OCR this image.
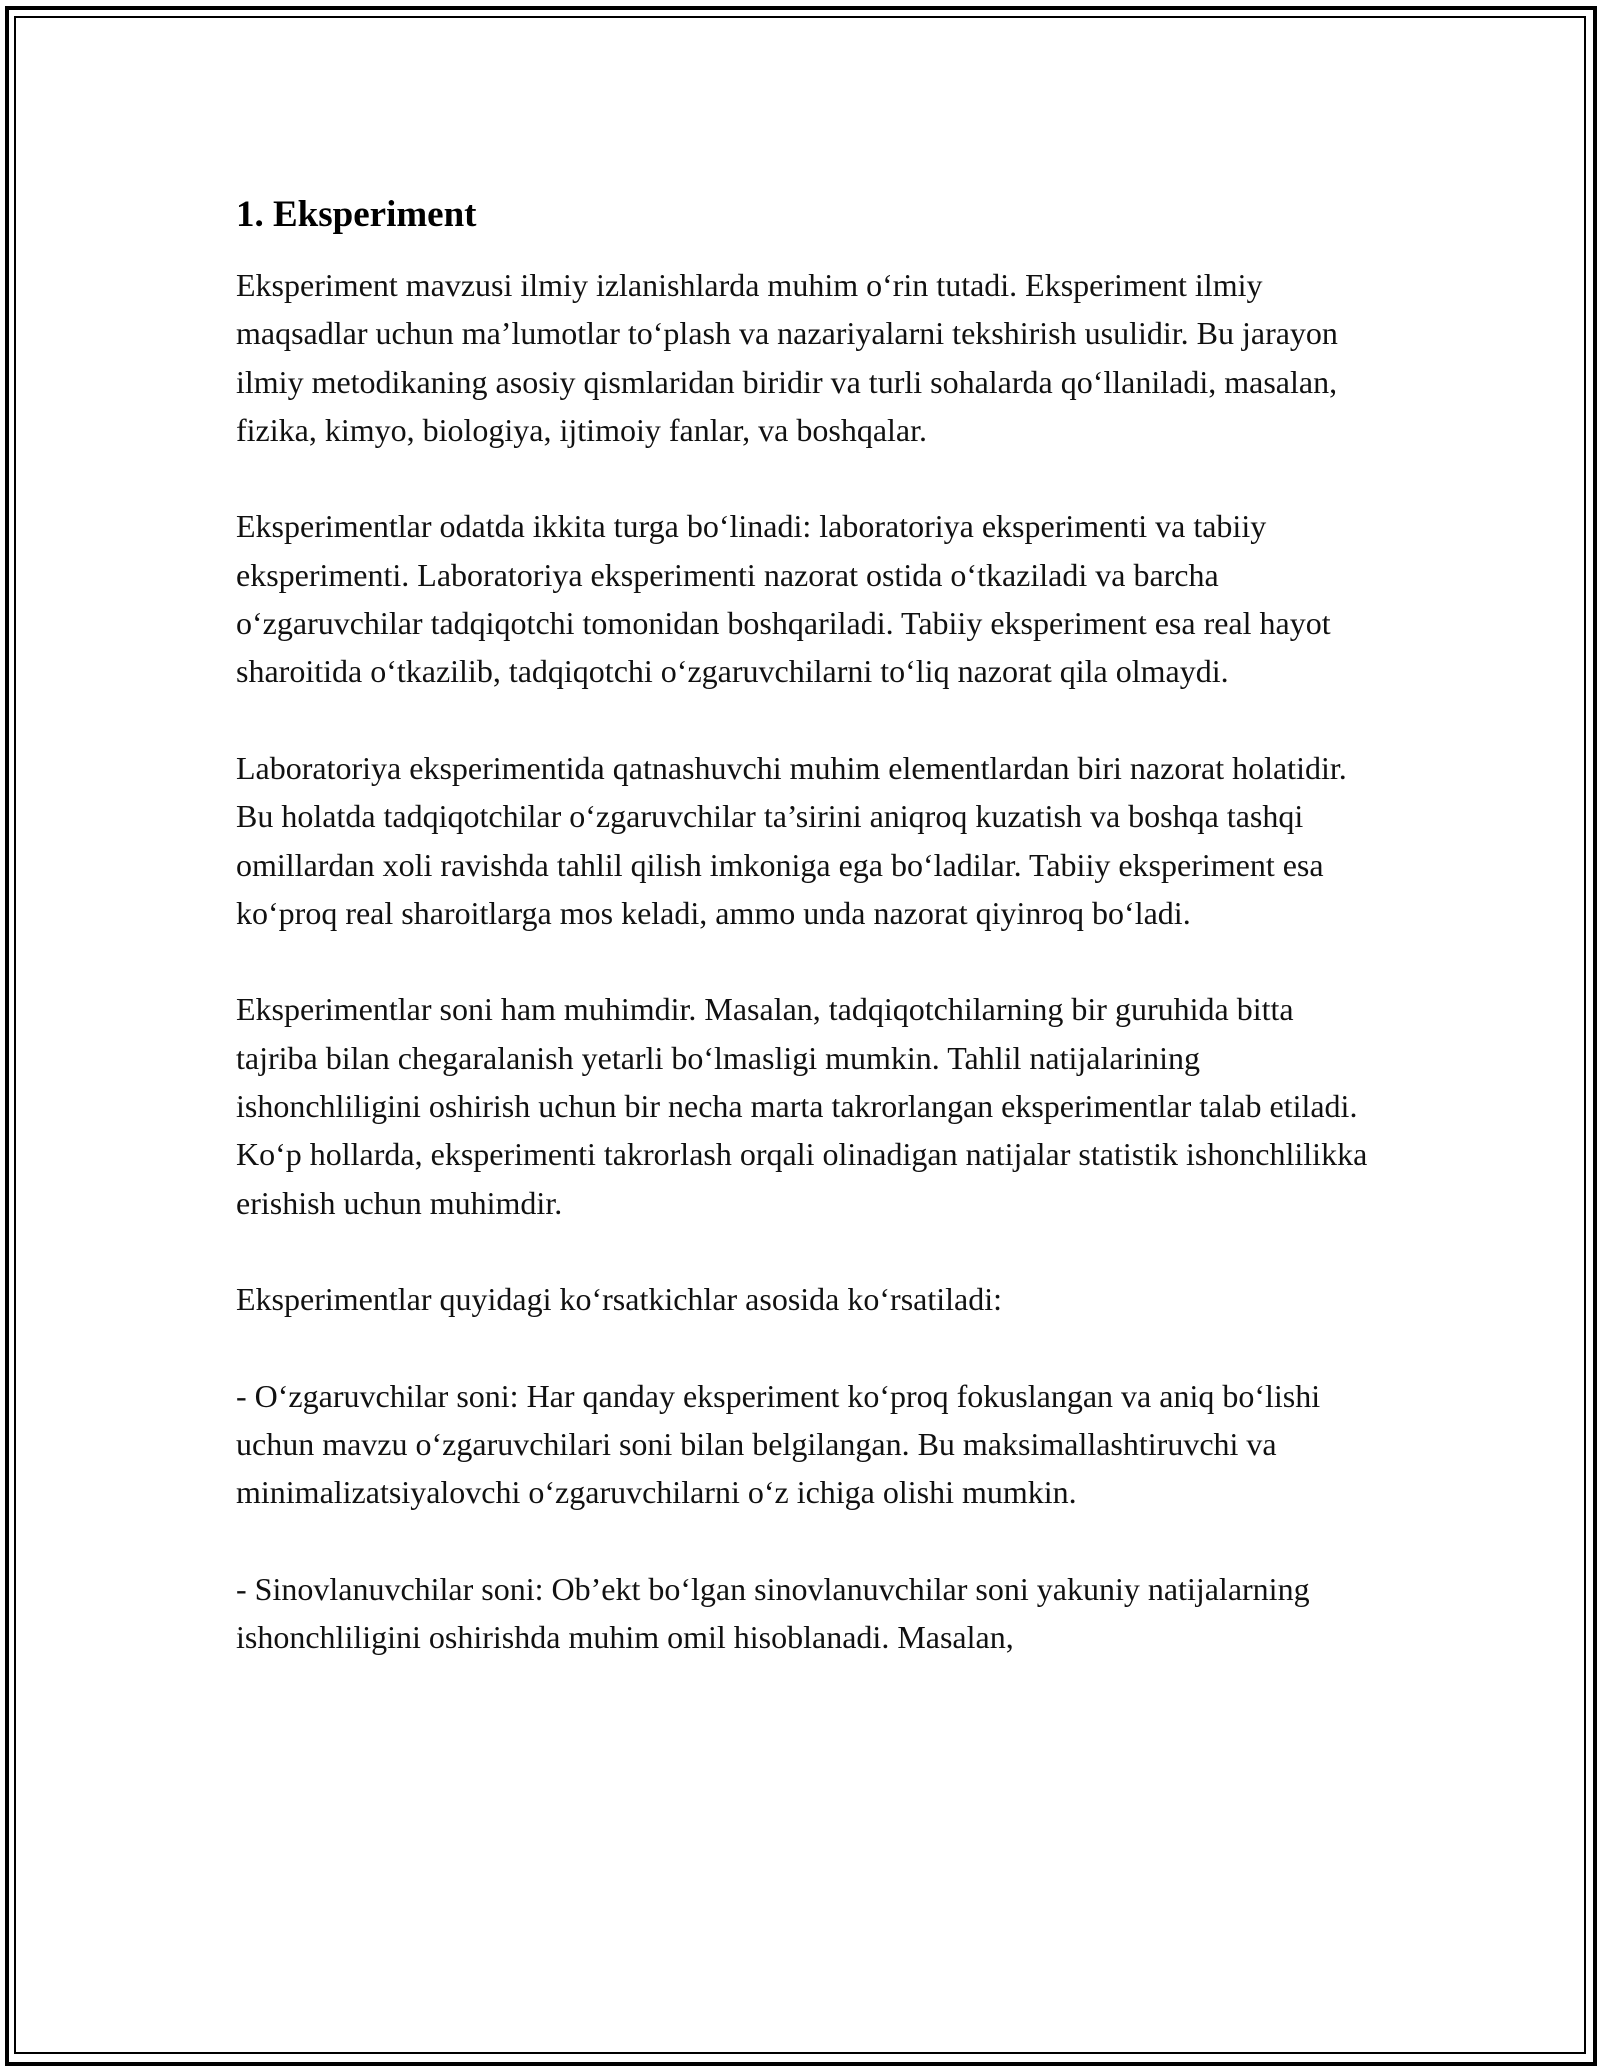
1. Eksperiment

Eksperiment mavzusi ilmiy izlanishlarda muhim o‘rin tutadi. Eksperiment ilmiy maqsadlar uchun ma’lumotlar to‘plash va nazariyalarni tekshirish usulidir. Bu jarayon ilmiy metodikaning asosiy qismlaridan biridir va turli sohalarda qo‘llaniladi, masalan, fizika, kimyo, biologiya, ijtimoiy fanlar, va boshqalar.

Eksperimentlar odatda ikkita turga bo‘linadi: laboratoriya eksperimenti va tabiiy eksperimenti. Laboratoriya eksperimenti nazorat ostida o‘tkaziladi va barcha o‘zgaruvchilar tadqiqotchi tomonidan boshqariladi. Tabiiy eksperiment esa real hayot sharoitida o‘tkazilib, tadqiqotchi o‘zgaruvchilarni to‘liq nazorat qila olmaydi.

Laboratoriya eksperimentida qatnashuvchi muhim elementlardan biri nazorat holatidir. Bu holatda tadqiqotchilar o‘zgaruvchilar ta’sirini aniqroq kuzatish va boshqa tashqi omillardan xoli ravishda tahlil qilish imkoniga ega bo‘ladilar. Tabiiy eksperiment esa ko‘proq real sharoitlarga mos keladi, ammo unda nazorat qiyinroq bo‘ladi.

Eksperimentlar soni ham muhimdir. Masalan, tadqiqotchilarning bir guruhida bitta tajriba bilan chegaralanish yetarli bo‘lmasligi mumkin. Tahlil natijalarining ishonchliligini oshirish uchun bir necha marta takrorlangan eksperimentlar talab etiladi. Ko‘p hollarda, eksperimenti takrorlash orqali olinadigan natijalar statistik ishonchlilikka erishish uchun muhimdir.

Eksperimentlar quyidagi ko‘rsatkichlar asosida ko‘rsatiladi:

- O‘zgaruvchilar soni: Har qanday eksperiment ko‘proq fokuslangan va aniq bo‘lishi uchun mavzu o‘zgaruvchilari soni bilan belgilangan. Bu maksimallashtiruvchi va minimalizatsiyalovchi o‘zgaruvchilarni o‘z ichiga olishi mumkin.

- Sinovlanuvchilar soni: Ob’ekt bo‘lgan sinovlanuvchilar soni yakuniy natijalarning ishonchliligini oshirishda muhim omil hisoblanadi. Masalan,
